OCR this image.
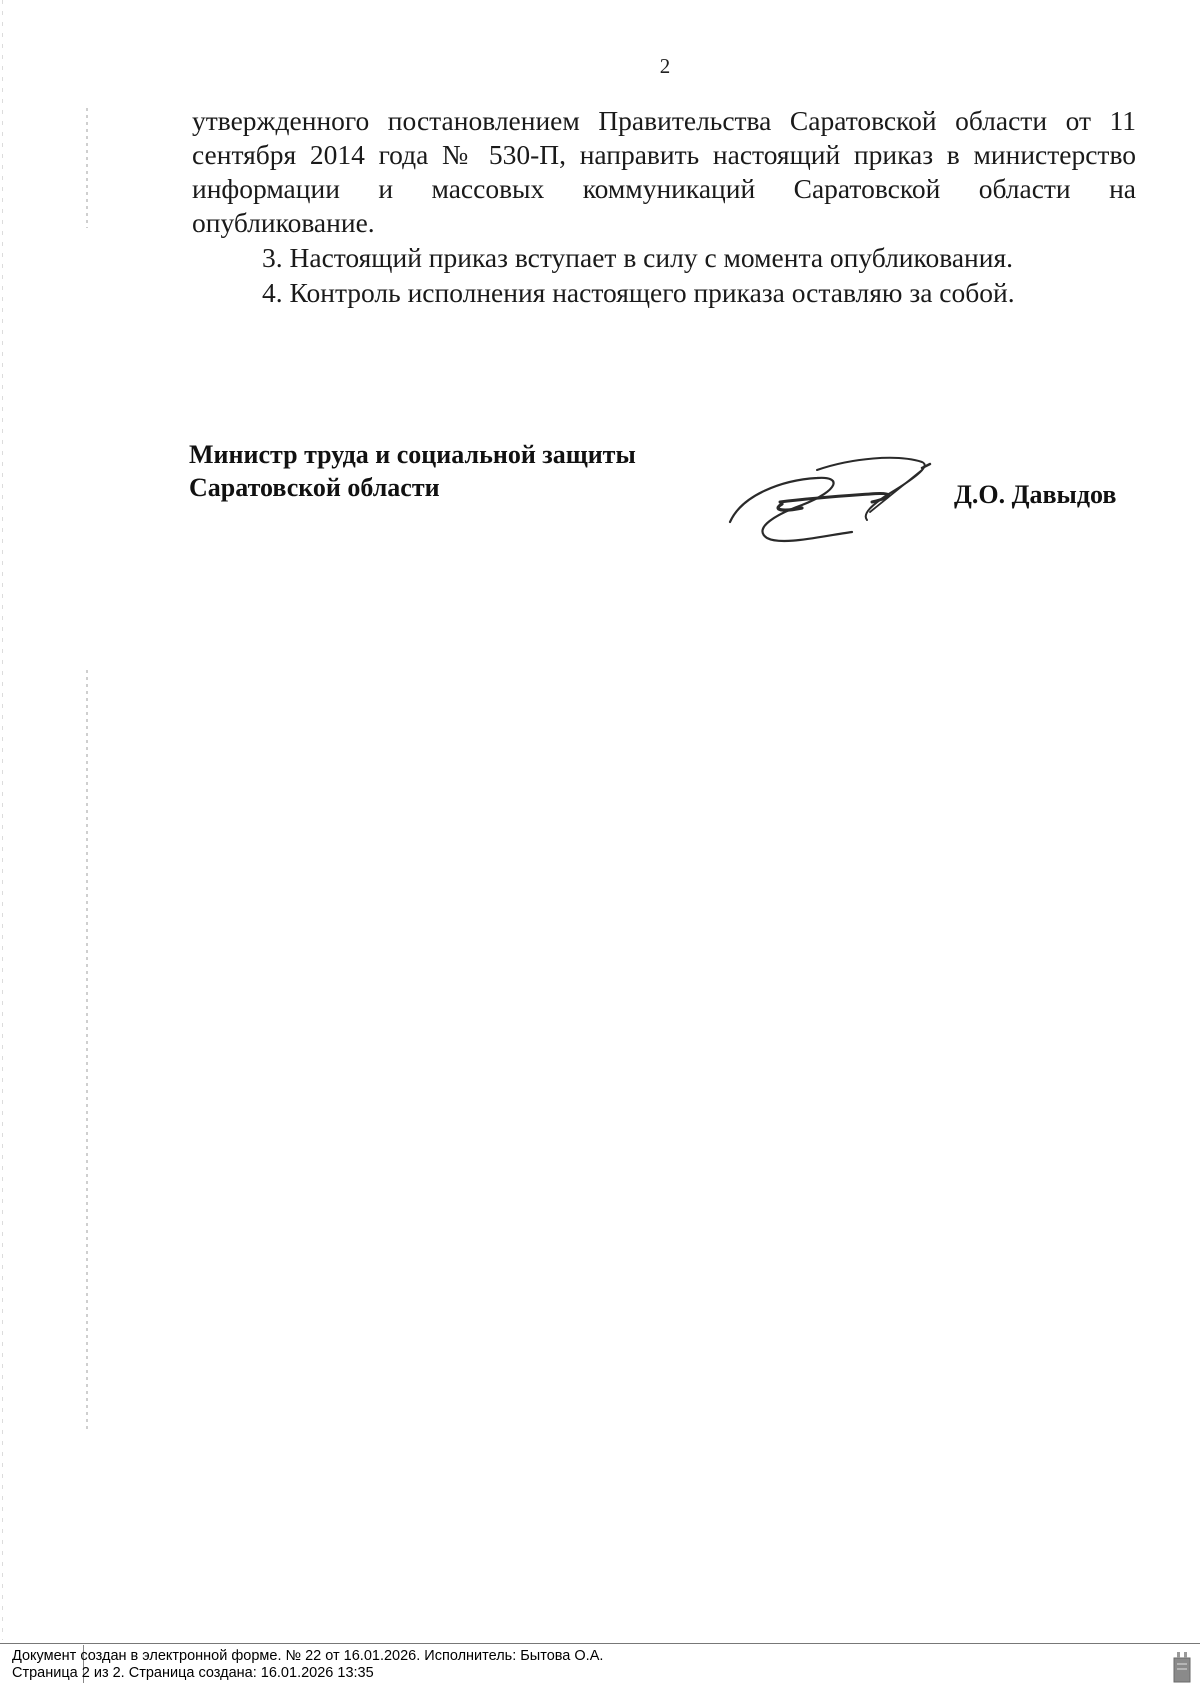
2

утвержденного постановлением Правительства Саратовской области от 11 сентября 2014 года № 530-П, направить настоящий приказ в министерство информации и массовых коммуникаций Саратовской области на опубликование.

3. Настоящий приказ вступает в силу с момента опубликования.

4. Контроль исполнения настоящего приказа оставляю за собой.

Министр труда и социальной защиты
Саратовской области	Д.О. Давыдов
Документ создан в электронной форме. № 22 от 16.01.2026. Исполнитель: Бытова О.А.
Страница 2 из 2. Страница создана: 16.01.2026 13:35
